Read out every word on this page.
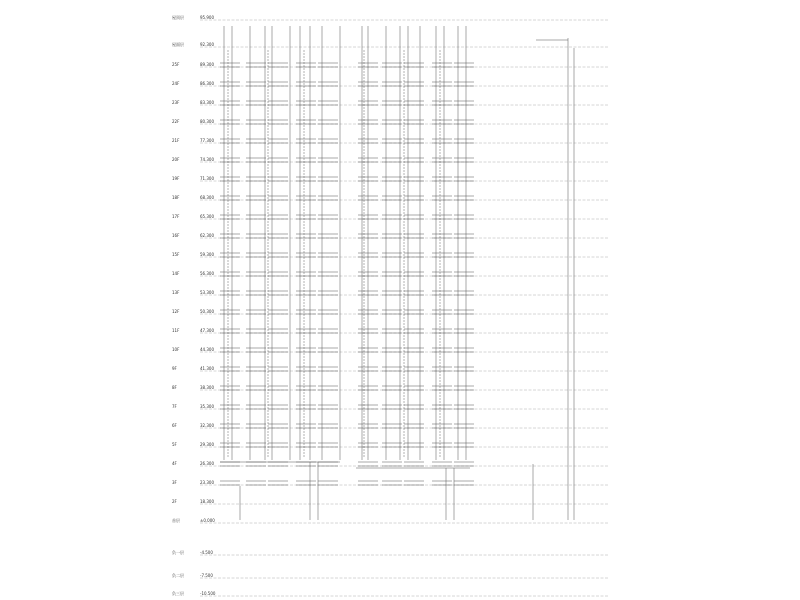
屋顶层	95.900
屋面层	92.300
25F	89.300
24F	86.300
23F	83.300
22F	80.300
21F	77.300
20F	74.300
19F	71.300
18F	68.300
17F	65.300
16F	62.300
15F	59.300
14F	56.300
13F	53.300
12F	50.300
11F	47.300
10F	44.300
9F	41.300
8F	38.300
7F	35.300
6F	32.300
5F	29.300
4F	26.300
3F	23.300
2F	18.300
首层	±0.000
负一层	-4.500
负二层	-7.500
负三层	-10.500
